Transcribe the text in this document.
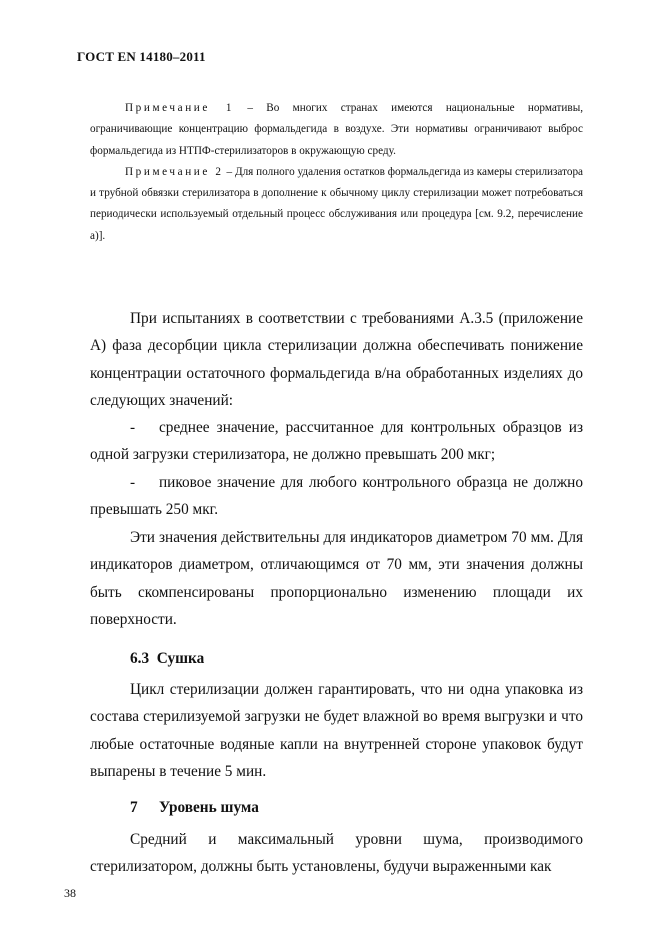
ГОСТ EN 14180–2011

Примечание 1 – Во многих странах имеются национальные нормативы, ограничивающие концентрацию формальдегида в воздухе. Эти нормативы ограничивают выброс формальдегида из НТПФ-стерилизаторов в окружающую среду.

Примечание 2 – Для полного удаления остатков формальдегида из камеры стерилизатора и трубной обвязки стерилизатора в дополнение к обычному циклу стерилизации может потребоваться периодически используемый отдельный процесс обслуживания или процедура [см. 9.2, перечисление а)].

При испытаниях в соответствии с требованиями А.3.5 (приложение А) фаза десорбции цикла стерилизации должна обеспечивать понижение концентрации остаточного формальдегида в/на обработанных изделиях до следующих значений:

- среднее значение, рассчитанное для контрольных образцов из одной загрузки стерилизатора, не должно превышать 200 мкг;

- пиковое значение для любого контрольного образца не должно превышать 250 мкг.

Эти значения действительны для индикаторов диаметром 70 мм. Для индикаторов диаметром, отличающимся от 70 мм, эти значения должны быть скомпенсированы пропорционально изменению площади их поверхности.

6.3 Сушка

Цикл стерилизации должен гарантировать, что ни одна упаковка из состава стерилизуемой загрузки не будет влажной во время выгрузки и что любые остаточные водяные капли на внутренней стороне упаковок будут выпарены в течение 5 мин.

7 Уровень шума

Средний и максимальный уровни шума, производимого стерилизатором, должны быть установлены, будучи выраженными как

38
